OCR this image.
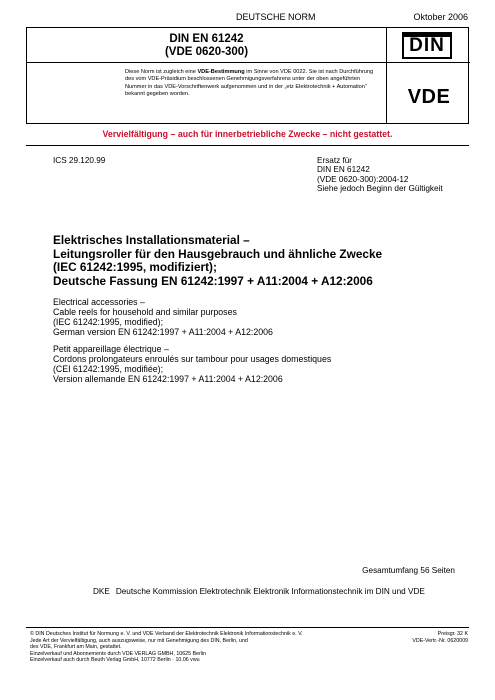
DEUTSCHE NORM	Oktober 2006
DIN EN 61242
(VDE 0620-300)
Diese Norm ist zugleich eine VDE-Bestimmung im Sinne von VDE 0022. Sie ist nach Durchführung des vom VDE-Präsidium beschlossenen Genehmigungsverfahrens unter der oben angeführten Nummer in das VDE-Vorschriftenwerk aufgenommen und in der „etz Elektrotechnik + Automation“ bekannt gegeben worden.
DIN
VDE
Vervielfältigung – auch für innerbetriebliche Zwecke – nicht gestattet.
ICS 29.120.99	Ersatz für
DIN EN 61242
(VDE 0620-300):2004-12
Siehe jedoch Beginn der Gültigkeit
Elektrisches Installationsmaterial –
Leitungsroller für den Hausgebrauch und ähnliche Zwecke
(IEC 61242:1995, modifiziert);
Deutsche Fassung EN 61242:1997 + A11:2004 + A12:2006
Electrical accessories –
Cable reels for household and similar purposes
(IEC 61242:1995, modified);
German version EN 61242:1997 + A11:2004 + A12:2006
Petit appareillage électrique –
Cordons prolongateurs enroulés sur tambour pour usages domestiques
(CEI 61242:1995, modifiée);
Version allemande EN 61242:1997 + A11:2004 + A12:2006
Gesamtumfang 56 Seiten
DKE Deutsche Kommission Elektrotechnik Elektronik Informationstechnik im DIN und VDE
© DIN Deutsches Institut für Normung e. V. und VDE Verband der Elektrotechnik Elektronik Informationstechnik e. V.
Jede Art der Vervielfältigung, auch auszugsweise, nur mit Genehmigung des DIN, Berlin, und
des VDE, Frankfurt am Main, gestattet.
Einzelverkauf und Abonnements durch VDE VERLAG GMBH, 10625 Berlin
Einzelverkauf auch durch Beuth Verlag GmbH, 10772 Berlin · 10.06 vwu
Preisgr. 32 K
VDE-Vertr.-Nr. 0620009
